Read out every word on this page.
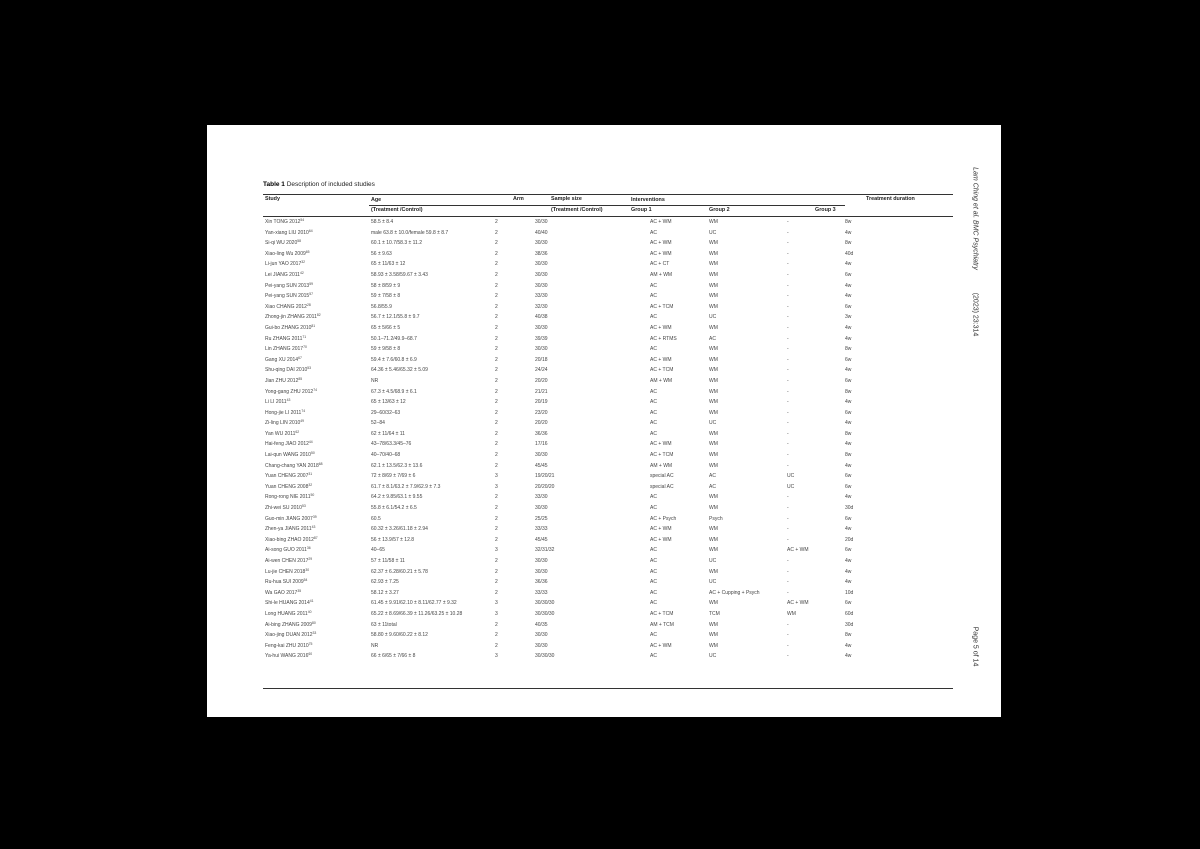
Table 1 Description of included studies
Study	Age	Arm	Sample size	Interventions	Treatment duration
(Treatment /Control)	(Treatment /Control)	Group 1	Group 2	Group 3
Xin TONG 2012$^{54}$	58.5 ± 8.4	2	30/30	AC + WM	WM	-	8w
Yan-xiang LIU 2010$^{64}$	male 63.8 ± 10.0/female 59.8 ± 8.7	2	40/40	AC	UC	-	4w
Si-qi WU 2020$^{58}$	60.1 ± 10.7/58.3 ± 11.2	2	30/30	AC + WM	WM	-	8w
Xiao-ling Wu 2009$^{65}$	56 ± 9.63	2	38/36	AC + WM	WM	-	40d
Li-jun YAO 2017$^{32}$	65 ± 11/63 ± 12	2	30/30	AC + CT	WM	-	4w
Lei JIANG 2011$^{42}$	58.93 ± 3.58/59.67 ± 3.43	2	30/30	AM + WM	WM	-	6w
Pei-yang SUN 2013$^{59}$	58 ± 8/59 ± 9	2	30/30	AC	WM	-	4w
Pei-yang SUN 2015$^{57}$	59 ± 7/58 ± 8	2	33/30	AC	WM	-	4w
Xiao CHANG 2012$^{28}$	56.8/55.9	2	32/30	AC + TCM	WM	-	6w
Zhong-jin ZHANG 2011$^{82}$	56.7 ± 12.1/55.8 ± 9.7	2	40/38	AC	UC	-	3w
Gui-bo ZHANG 2010$^{81}$	65 ± 5/66 ± 5	2	30/30	AC + WM	WM	-	4w
Ru ZHANG 2011$^{71}$	50.1–71.2/49.9–68.7	2	39/39	AC + RTMS	AC	-	4w
Lin ZHANG 2017$^{70}$	59 ± 9/58 ± 8	2	30/30	AC	WM	-	8w
Gang XU 2014$^{67}$	59.4 ± 7.6/60.8 ± 6.9	2	20/18	AC + WM	WM	-	6w
Shu-qing DAI 2010$^{53}$	64.36 ± 5.46/65.32 ± 5.09	2	24/24	AC + TCM	WM	-	4w
Jian ZHU 2012$^{85}$	NR	2	20/20	AM + WM	WM	-	6w
Yong-gang ZHU 2012$^{74}$	67.3 ± 4.5/68.9 ± 6.1	2	21/21	AC	WM	-	8w
Li LI 2011$^{43}$	65 ± 13/63 ± 12	2	20/19	AC	WM	-	4w
Hong-jie LI 2011$^{74}$	29–60/32–63	2	23/20	AC	WM	-	6w
Zi-ling LIN 2010$^{49}$	52–84	2	20/20	AC	UC	-	4w
Yan WU 2011$^{62}$	62 ± 11/64 ± 11	2	36/36	AC	WM	-	8w
Hai-feng JIAO 2012$^{44}$	43–78/63.3/45–76	2	17/16	AC + WM	WM	-	4w
Lai-qun WANG 2010$^{50}$	40–70/40–68	2	30/30	AC + TCM	WM	-	8w
Chang-chang YAN 2018$^{68}$	62.1 ± 13.5/62.3 ± 13.6	2	45/45	AM + WM	WM	-	4w
Yuan CHENG 2007$^{31}$	72 ± 8/69 ± 7/69 ± 6	3	19/20/21	special AC	AC	UC	6w
Yuan CHENG 2008$^{32}$	61.7 ± 8.1/63.2 ± 7.9/62.9 ± 7.3	3	20/20/20	special AC	AC	UC	6w
Rong-rong NIE 2011$^{50}$	64.2 ± 9.85/63.1 ± 9.55	2	33/30	AC	WM	-	4w
Zhi-wei SU 2010$^{53}$	55.8 ± 6.1/54.2 ± 6.5	2	30/30	AC	WM	-	30d
Guo-min JIANG 2007$^{39}$	60.5	2	25/25	AC + Psych	Psych	-	6w
Zhen-ya JIANG 2011$^{43}$	60.32 ± 3.26/61.18 ± 2.94	2	33/33	AC + WM	WM	-	4w
Xiao-bing ZHAO 2012$^{87}$	56 ± 13.9/57 ± 12.8	2	45/45	AC + WM	WM	-	20d
Ai-song GUO 2011$^{36}$	40–65	3	32/31/32	AC	WM	AC + WM	6w
Ai-wen CHEN 2017$^{29}$	57 ± 11/58 ± 11	2	30/30	AC	UC	-	4w
Lu-jie CHEN 2018$^{30}$	62.37 ± 6.28/60.21 ± 5.78	2	30/30	AC	WM	-	4w
Ru-hua SUI 2009$^{54}$	62.93 ± 7.25	2	36/36	AC	UC	-	4w
Wa GAO 2017$^{35}$	58.12 ± 3.27	2	33/33	AC	AC + Cupping + Psych	-	10d
Shi-le HUANG 2014$^{41}$	61.45 ± 9.91/62.10 ± 8.11/62.77 ± 9.32	3	30/30/30	AC	WM	AC + WM	6w
Long HUANG 2011$^{40}$	65.22 ± 8.69/66.39 ± 11.26/63.25 ± 10.28	3	30/30/30	AC + TCM	TCM	WM	60d
Ai-bing ZHANG 2009$^{80}$	63 ± 11total	2	40/35	AM + TCM	WM	-	30d
Xiao-jing DUAN 2012$^{33}$	58.80 ± 9.60/60.22 ± 8.12	2	30/30	AC	WM	-	8w
Feng-kai ZHU 2010$^{75}$	NR	2	30/30	AC + WM	WM	-	4w
Ya-hui WANG 2016$^{60}$	66 ± 6/65 ± 7/66 ± 8	3	30/30/30	AC	UC	-	4w
Lam Ching et al. BMC Psychiatry
(2023) 23:314
Page 5 of 14
